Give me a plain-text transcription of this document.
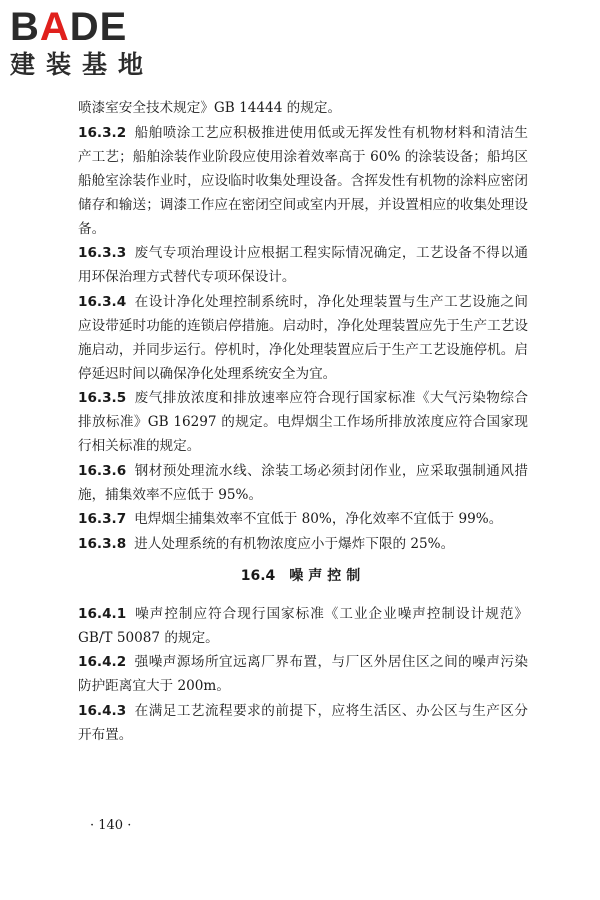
BADE
建装基地
喷漆室安全技术规定》GB 14444 的规定。
16.3.2 船舶喷涂工艺应积极推进使用低或无挥发性有机物材料和清洁生产工艺；船舶涂装作业阶段应使用涂着效率高于 60% 的涂装设备；船坞区船舱室涂装作业时，应设临时收集处理设备。含挥发性有机物的涂料应密闭储存和输送；调漆工作应在密闭空间或室内开展，并设置相应的收集处理设备。
16.3.3 废气专项治理设计应根据工程实际情况确定，工艺设备不得以通用环保治理方式替代专项环保设计。
16.3.4 在设计净化处理控制系统时，净化处理装置与生产工艺设施之间应设带延时功能的连锁启停措施。启动时，净化处理装置应先于生产工艺设施启动，并同步运行。停机时，净化处理装置应后于生产工艺设施停机。启停延迟时间以确保净化处理系统安全为宜。
16.3.5 废气排放浓度和排放速率应符合现行国家标准《大气污染物综合排放标准》GB 16297 的规定。电焊烟尘工作场所排放浓度应符合国家现行相关标准的规定。
16.3.6 钢材预处理流水线、涂装工场必须封闭作业，应采取强制通风措施，捕集效率不应低于 95%。
16.3.7 电焊烟尘捕集效率不宜低于 80%，净化效率不宜低于 99%。
16.3.8 进人处理系统的有机物浓度应小于爆炸下限的 25%。
16.4 噪声控制
16.4.1 噪声控制应符合现行国家标准《工业企业噪声控制设计规范》GB/T 50087 的规定。
16.4.2 强噪声源场所宜远离厂界布置，与厂区外居住区之间的噪声污染防护距离宜大于 200m。
16.4.3 在满足工艺流程要求的前提下，应将生活区、办公区与生产区分开布置。
· 140 ·
